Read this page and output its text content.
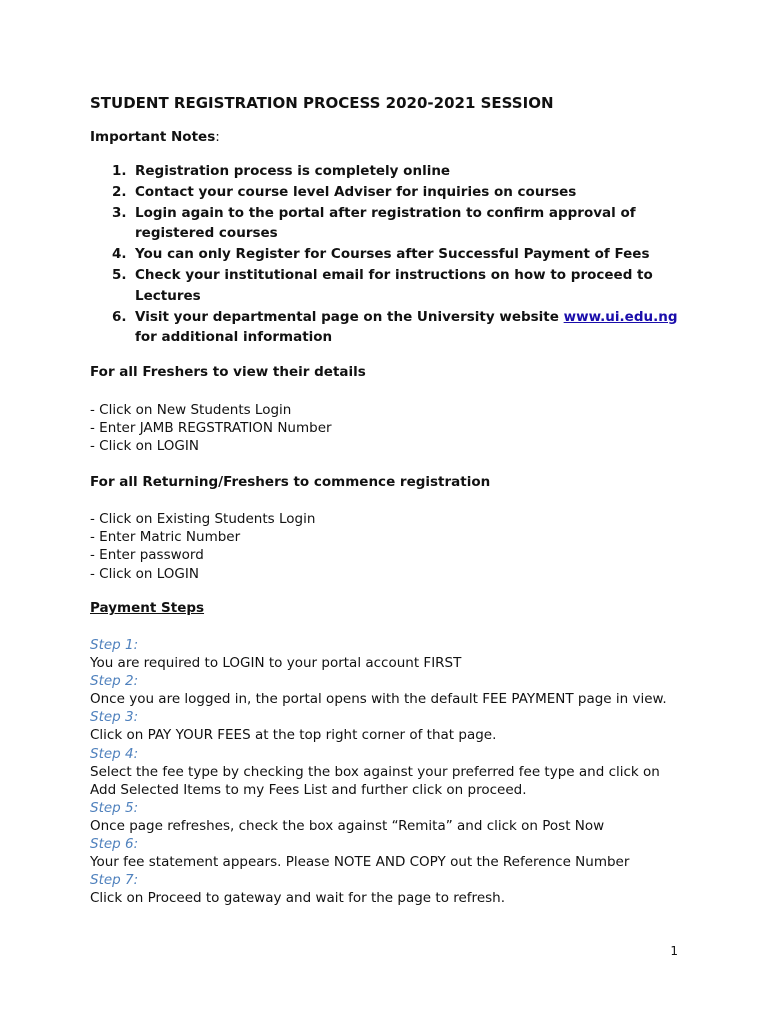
STUDENT REGISTRATION PROCESS 2020-2021 SESSION

Important Notes:

1. Registration process is completely online
2. Contact your course level Adviser for inquiries on courses
3. Login again to the portal after registration to confirm approval of registered courses
4. You can only Register for Courses after Successful Payment of Fees
5. Check your institutional email for instructions on how to proceed to Lectures
6. Visit your departmental page on the University website www.ui.edu.ng for additional information

For all Freshers to view their details

- Click on New Students Login
- Enter JAMB REGSTRATION Number
- Click on LOGIN

For all Returning/Freshers to commence registration

- Click on Existing Students Login
- Enter Matric Number
- Enter password
- Click on LOGIN

Payment Steps

Step 1:
You are required to LOGIN to your portal account FIRST
Step 2:
Once you are logged in, the portal opens with the default FEE PAYMENT page in view.
Step 3:
Click on PAY YOUR FEES at the top right corner of that page.
Step 4:
Select the fee type by checking the box against your preferred fee type and click on Add Selected Items to my Fees List and further click on proceed.
Step 5:
Once page refreshes, check the box against “Remita” and click on Post Now
Step 6:
Your fee statement appears. Please NOTE AND COPY out the Reference Number
Step 7:
Click on Proceed to gateway and wait for the page to refresh.

1
